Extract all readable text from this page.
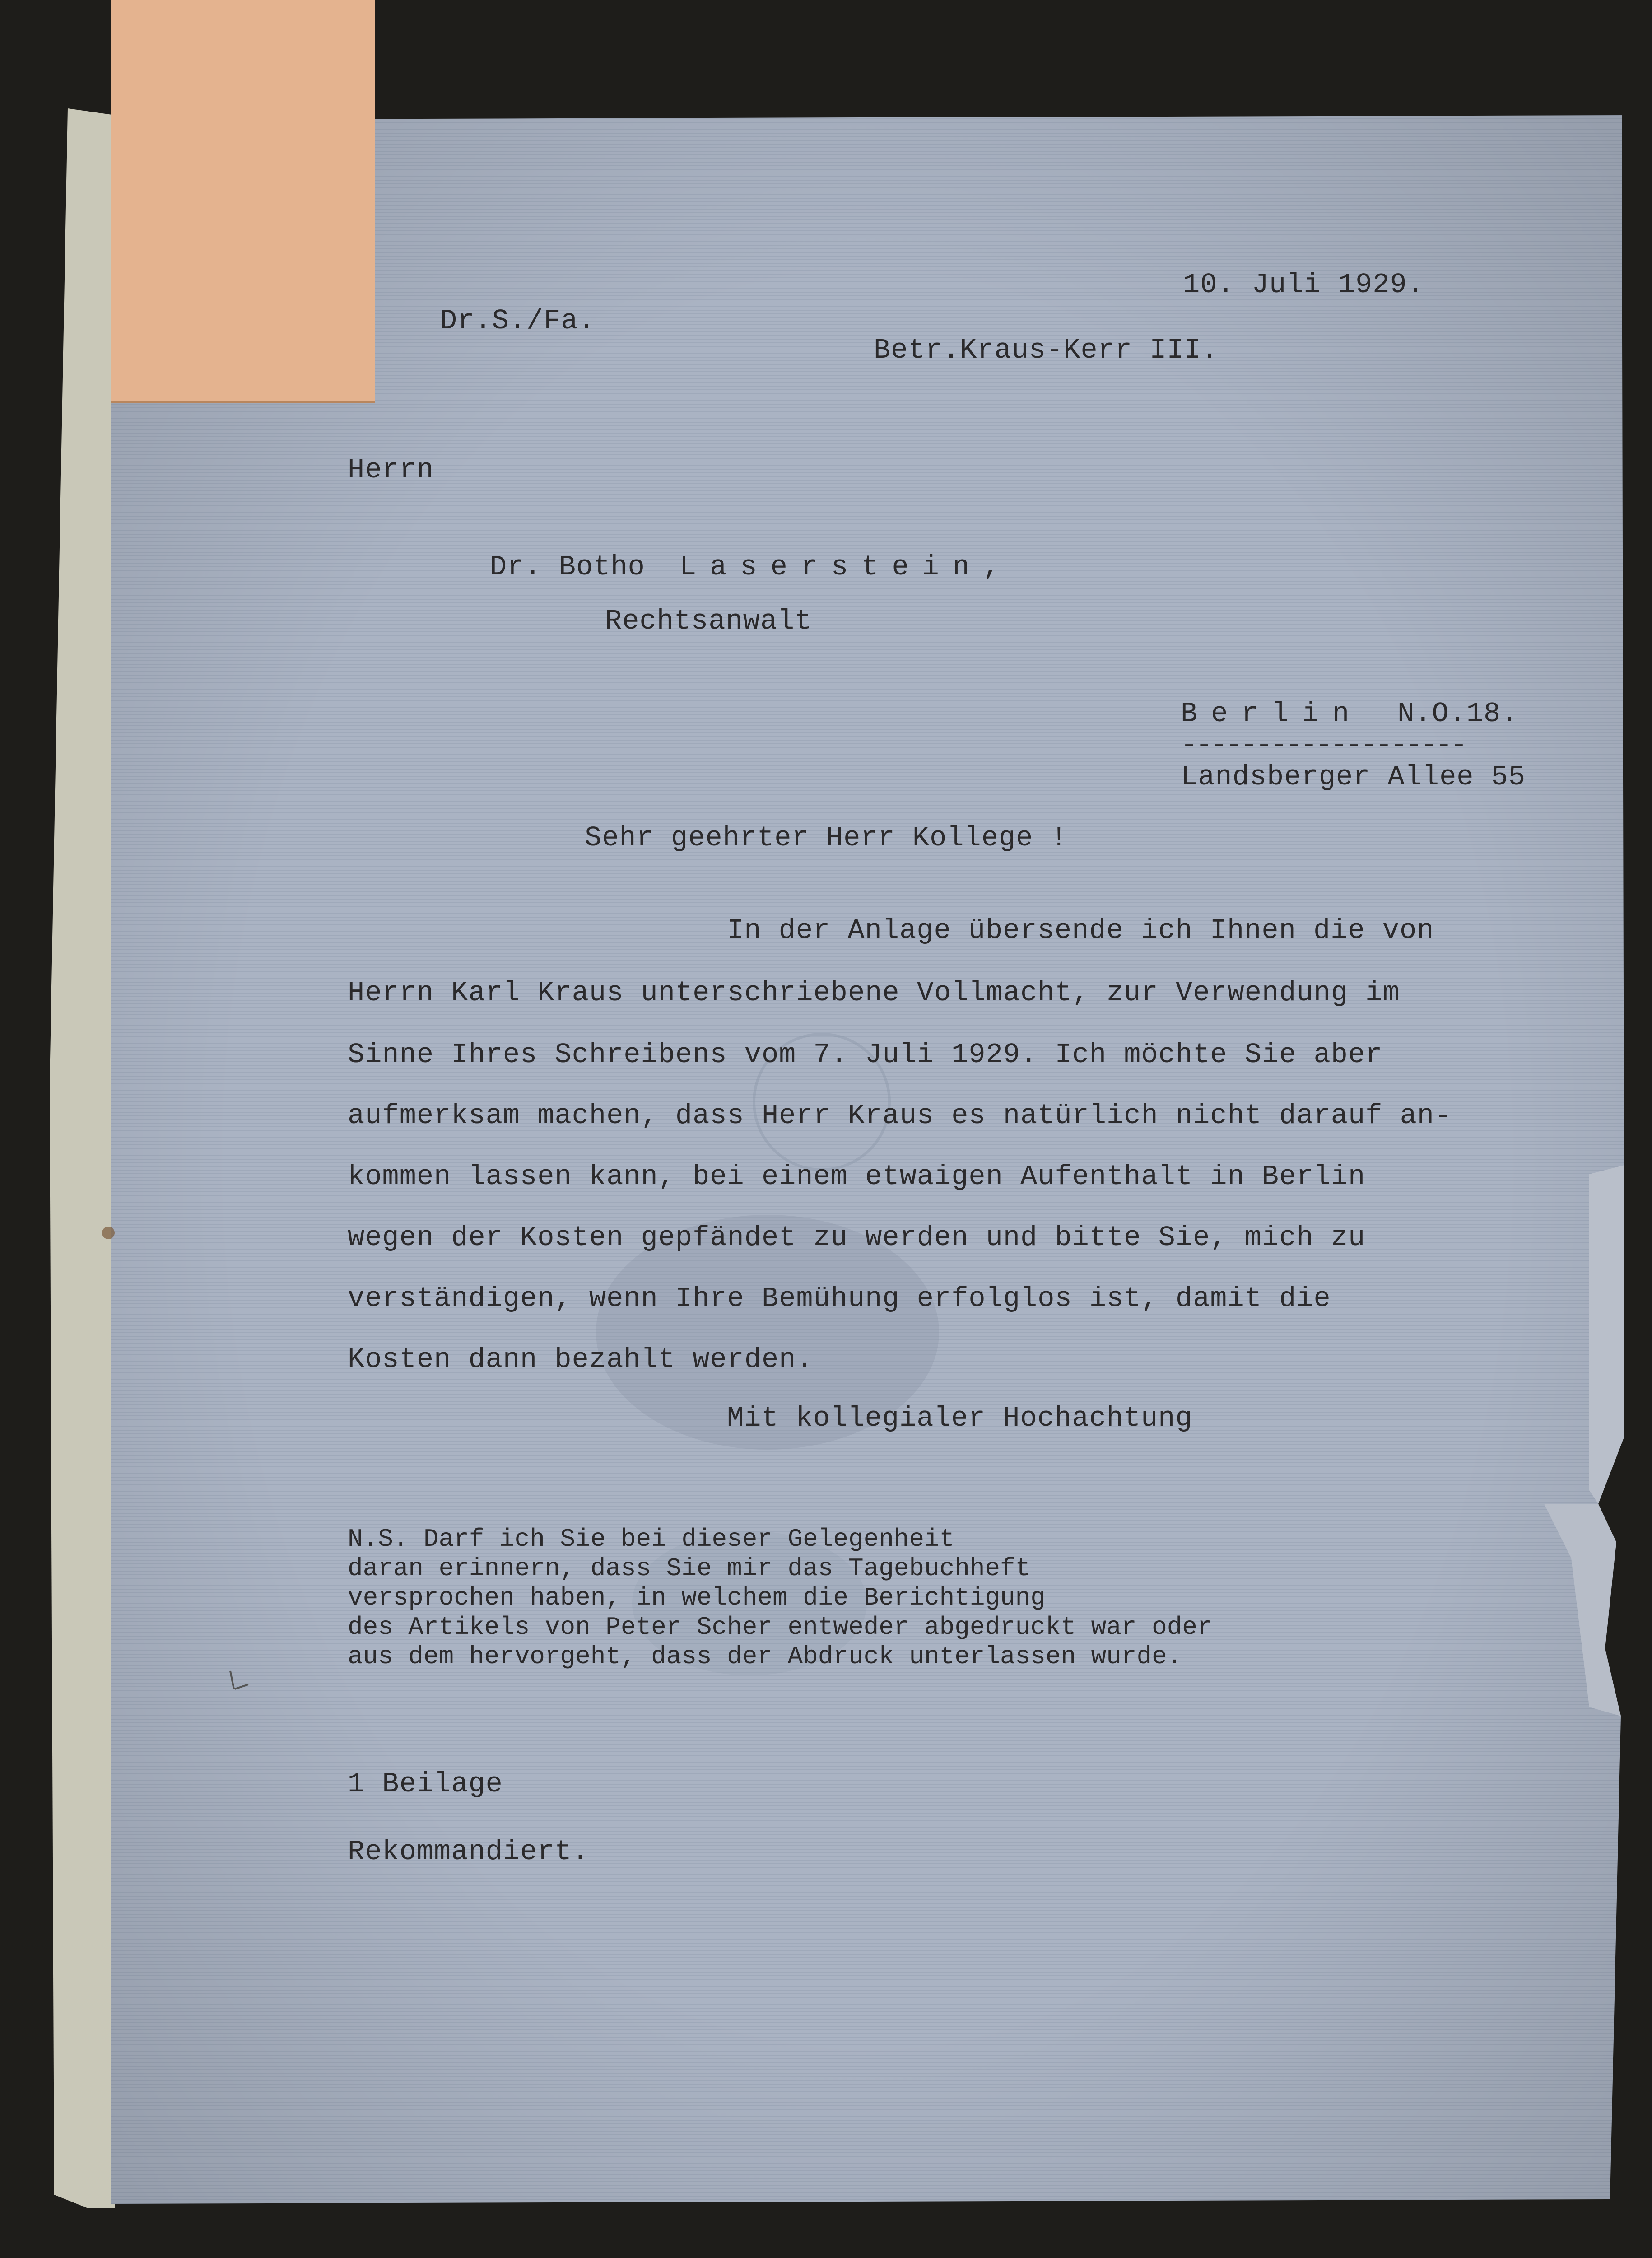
10. Juli 1929.
Dr.S./Fa.
Betr.Kraus-Kerr III.
Herrn
Dr. Botho Laserstein,
Rechtsanwalt
Berlin N.O.18.
-------------------
Landsberger Allee 55
Sehr geehrter Herr Kollege !
In der Anlage übersende ich Ihnen die von
Herrn Karl Kraus unterschriebene Vollmacht, zur Verwendung im
Sinne Ihres Schreibens vom 7. Juli 1929. Ich möchte Sie aber
aufmerksam machen, dass Herr Kraus es natürlich nicht darauf an-
kommen lassen kann, bei einem etwaigen Aufenthalt in Berlin
wegen der Kosten gepfändet zu werden und bitte Sie, mich zu
verständigen, wenn Ihre Bemühung erfolglos ist, damit die
Kosten dann bezahlt werden.
Mit kollegialer Hochachtung
N.S. Darf ich Sie bei dieser Gelegenheit
daran erinnern, dass Sie mir das Tagebuchheft
versprochen haben, in welchem die Berichtigung
des Artikels von Peter Scher entweder abgedruckt war oder
aus dem hervorgeht, dass der Abdruck unterlassen wurde.
1 Beilage
Rekommandiert.
